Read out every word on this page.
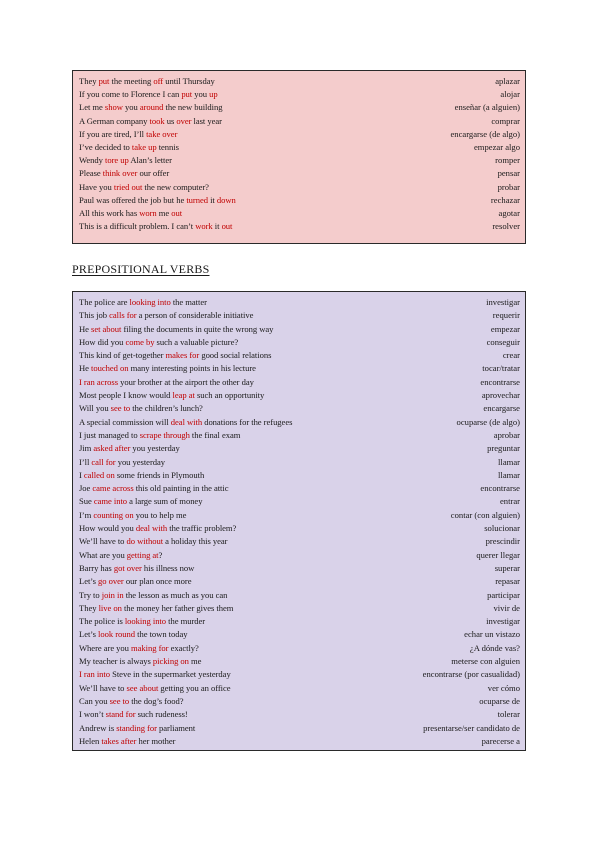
They put the meeting off until Thursday	aplazar
If you come to Florence I can put you up	alojar
Let me show you around the new building	enseñar (a alguien)
A German company took us over last year	comprar
If you are tired, I’ll take over	encargarse (de algo)
I’ve decided to take up tennis	empezar algo
Wendy tore up Alan’s letter	romper
Please think over our offer	pensar
Have you tried out the new computer?	probar
Paul was offered the job but he turned it down	rechazar
All this work has worn me out	agotar
This is a difficult problem. I can’t work it out	resolver
PREPOSITIONAL VERBS
The police are looking into the matter	investigar
This job calls for a person of considerable initiative	requerir
He set about filing the documents in quite the wrong way	empezar
How did you come by such a valuable picture?	conseguir
This kind of get-together makes for good social relations	crear
He touched on many interesting points in his lecture	tocar/tratar
I ran across your brother at the airport the other day	encontrarse
Most people I know would leap at such an opportunity	aprovechar
Will you see to the children’s lunch?	encargarse
A special commission will deal with donations for the refugees	ocuparse (de algo)
I just managed to scrape through the final exam	aprobar
Jim asked after you yesterday	preguntar
I’ll call for you yesterday	llamar
I called on some friends in Plymouth	llamar
Joe came across this old painting in the attic	encontrarse
Sue came into a large sum of money	entrar
I’m counting on you to help me	contar (con alguien)
How would you deal with the traffic problem?	solucionar
We’ll have to do without a holiday this year	prescindir
What are you getting at?	querer llegar
Barry has got over his illness now	superar
Let’s go over our plan once more	repasar
Try to join in the lesson as much as you can	participar
They live on the money her father gives them	vivir de
The police is looking into the murder	investigar
Let’s look round the town today	echar un vistazo
Where are you making for exactly?	¿A dónde vas?
My teacher is always picking on me	meterse con alguien
I ran into Steve in the supermarket yesterday	encontrarse (por casualidad)
We’ll have to see about getting you an office	ver cómo
Can you see to the dog’s food?	ocuparse de
I won’t stand for such rudeness!	tolerar
Andrew is standing for parliament	presentarse/ser candidato de
Helen takes after her mother	parecerse a
